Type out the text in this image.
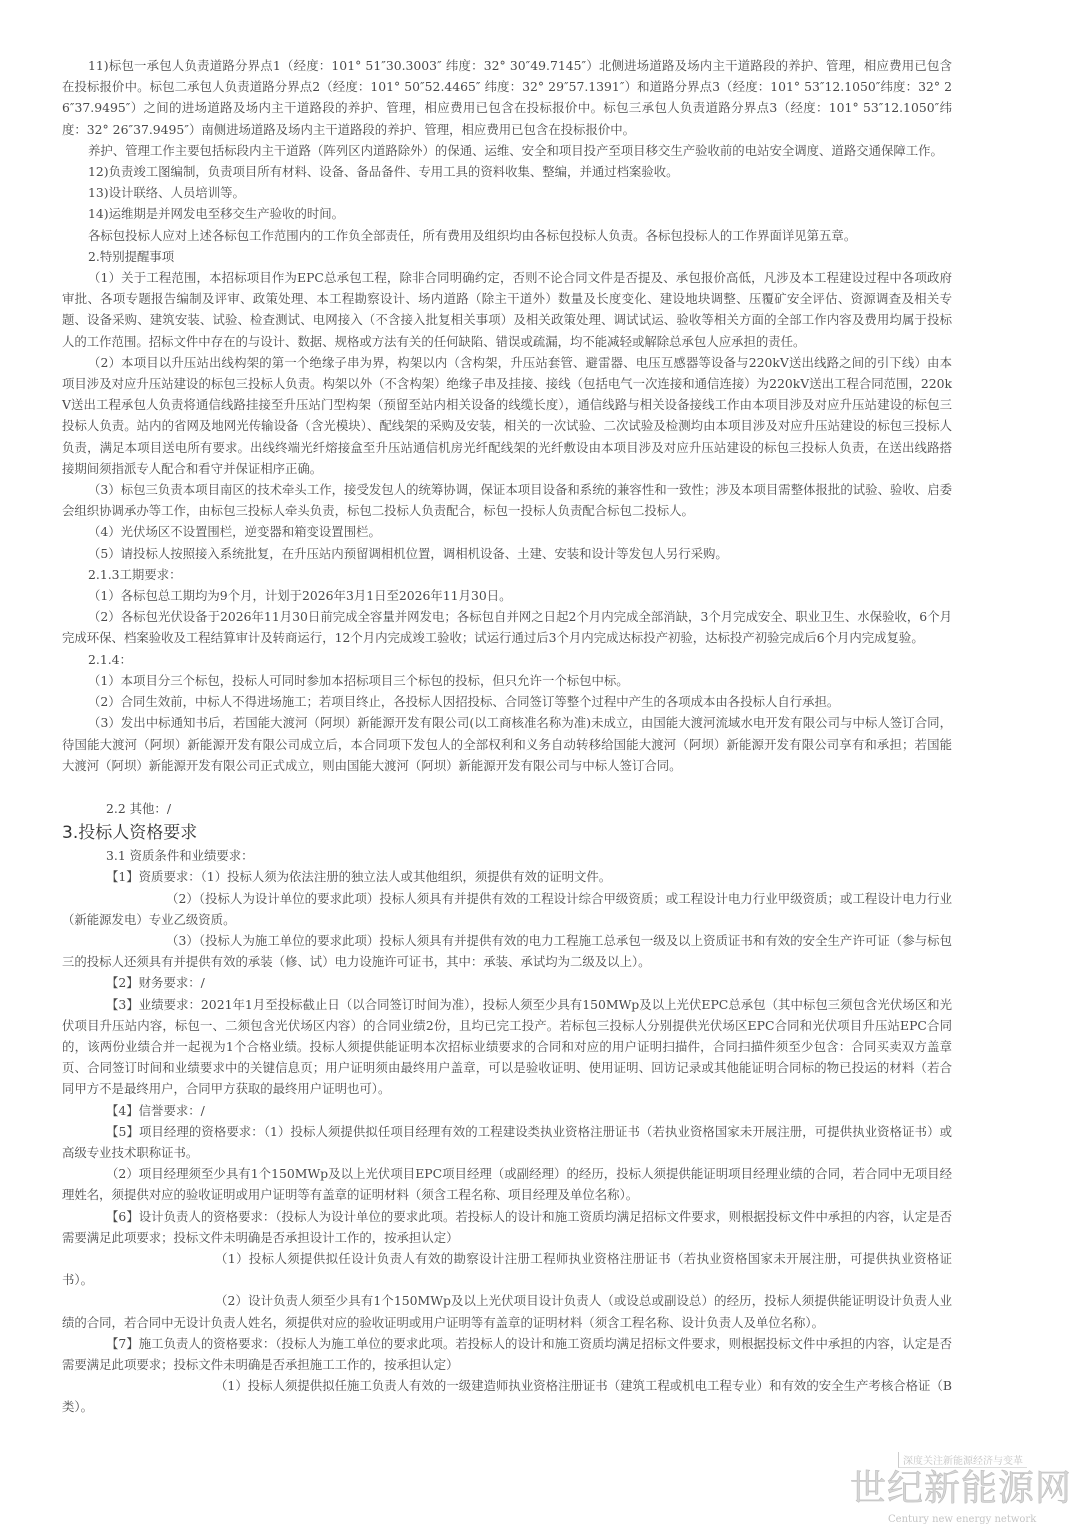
11)标包一承包人负责道路分界点1（经度：101° 51″30.3003″ 纬度：32° 30″49.7145″）北侧进场道路及场内主干道路段的养护、管理，相应费用已包含在投标报价中。标包二承包人负责道路分界点2（经度：101° 50″52.4465″ 纬度：32° 29″57.1391″）和道路分界点3（经度：101° 53″12.1050″纬度：32° 26″37.9495″）之间的进场道路及场内主干道路段的养护、管理，相应费用已包含在投标报价中。标包三承包人负责道路分界点3（经度：101° 53″12.1050″纬度：32° 26″37.9495″）南侧进场道路及场内主干道路段的养护、管理，相应费用已包含在投标报价中。

养护、管理工作主要包括标段内主干道路（阵列区内道路除外）的保通、运维、安全和项目投产至项目移交生产验收前的电站安全调度、道路交通保障工作。

12)负责竣工图编制，负责项目所有材料、设备、备品备件、专用工具的资料收集、整编，并通过档案验收。

13)设计联络、人员培训等。

14)运维期是并网发电至移交生产验收的时间。

各标包投标人应对上述各标包工作范围内的工作负全部责任，所有费用及组织均由各标包投标人负责。各标包投标人的工作界面详见第五章。

2.特别提醒事项

（1）关于工程范围，本招标项目作为EPC总承包工程，除非合同明确约定，否则不论合同文件是否提及、承包报价高低，凡涉及本工程建设过程中各项政府审批、各项专题报告编制及评审、政策处理、本工程勘察设计、场内道路（除主干道外）数量及长度变化、建设地块调整、压覆矿安全评估、资源调查及相关专题、设备采购、建筑安装、试验、检查测试、电网接入（不含接入批复相关事项）及相关政策处理、调试试运、验收等相关方面的全部工作内容及费用均属于投标人的工作范围。招标文件中存在的与设计、数据、规格或方法有关的任何缺陷、错误或疏漏，均不能减轻或解除总承包人应承担的责任。

（2）本项目以升压站出线构架的第一个绝缘子串为界，构架以内（含构架，升压站套管、避雷器、电压互感器等设备与220kV送出线路之间的引下线）由本项目涉及对应升压站建设的标包三投标人负责。构架以外（不含构架）绝缘子串及挂接、接线（包括电气一次连接和通信连接）为220kV送出工程合同范围，220kV送出工程承包人负责将通信线路挂接至升压站门型构架（预留至站内相关设备的线缆长度），通信线路与相关设备接线工作由本项目涉及对应升压站建设的标包三投标人负责。站内的省网及地网光传输设备（含光模块）、配线架的采购及安装，相关的一次试验、二次试验及检测均由本项目涉及对应升压站建设的标包三投标人负责，满足本项目送电所有要求。出线终端光纤熔接盒至升压站通信机房光纤配线架的光纤敷设由本项目涉及对应升压站建设的标包三投标人负责，在送出线路搭接期间须指派专人配合和看守并保证相序正确。

（3）标包三负责本项目南区的技术牵头工作，接受发包人的统筹协调，保证本项目设备和系统的兼容性和一致性；涉及本项目需整体报批的试验、验收、启委会组织协调承办等工作，由标包三投标人牵头负责，标包二投标人负责配合，标包一投标人负责配合标包二投标人。

（4）光伏场区不设置围栏，逆变器和箱变设置围栏。

（5）请投标人按照接入系统批复，在升压站内预留调相机位置，调相机设备、土建、安装和设计等发包人另行采购。

2.1.3工期要求：

（1）各标包总工期均为9个月，计划于2026年3月1日至2026年11月30日。

（2）各标包光伏设备于2026年11月30日前完成全容量并网发电；各标包自并网之日起2个月内完成全部消缺，3个月完成安全、职业卫生、水保验收，6个月完成环保、档案验收及工程结算审计及转商运行，12个月内完成竣工验收；试运行通过后3个月内完成达标投产初验，达标投产初验完成后6个月内完成复验。

2.1.4：

（1）本项目分三个标包，投标人可同时参加本招标项目三个标包的投标，但只允许一个标包中标。

（2）合同生效前，中标人不得进场施工；若项目终止，各投标人因招投标、合同签订等整个过程中产生的各项成本由各投标人自行承担。

（3）发出中标通知书后，若国能大渡河（阿坝）新能源开发有限公司(以工商核准名称为准)未成立，由国能大渡河流域水电开发有限公司与中标人签订合同，待国能大渡河（阿坝）新能源开发有限公司成立后，本合同项下发包人的全部权利和义务自动转移给国能大渡河（阿坝）新能源开发有限公司享有和承担；若国能大渡河（阿坝）新能源开发有限公司正式成立，则由国能大渡河（阿坝）新能源开发有限公司与中标人签订合同。

2.2 其他：/

3.投标人资格要求

3.1 资质条件和业绩要求：

【1】资质要求：（1）投标人须为依法注册的独立法人或其他组织，须提供有效的证明文件。

（2）（投标人为设计单位的要求此项）投标人须具有并提供有效的工程设计综合甲级资质；或工程设计电力行业甲级资质；或工程设计电力行业（新能源发电）专业乙级资质。

（3）（投标人为施工单位的要求此项）投标人须具有并提供有效的电力工程施工总承包一级及以上资质证书和有效的安全生产许可证（参与标包三的投标人还须具有并提供有效的承装（修、试）电力设施许可证书，其中：承装、承试均为二级及以上）。

【2】财务要求：/

【3】业绩要求：2021年1月至投标截止日（以合同签订时间为准），投标人须至少具有150MWp及以上光伏EPC总承包（其中标包三须包含光伏场区和光伏项目升压站内容，标包一、二须包含光伏场区内容）的合同业绩2份，且均已完工投产。若标包三投标人分别提供光伏场区EPC合同和光伏项目升压站EPC合同的，该两份业绩合并一起视为1个合格业绩。投标人须提供能证明本次招标业绩要求的合同和对应的用户证明扫描件，合同扫描件须至少包含：合同买卖双方盖章页、合同签订时间和业绩要求中的关键信息页；用户证明须由最终用户盖章，可以是验收证明、使用证明、回访记录或其他能证明合同标的物已投运的材料（若合同甲方不是最终用户，合同甲方获取的最终用户证明也可）。

【4】信誉要求：/

【5】项目经理的资格要求：（1）投标人须提供拟任项目经理有效的工程建设类执业资格注册证书（若执业资格国家未开展注册，可提供执业资格证书）或高级专业技术职称证书。

（2）项目经理须至少具有1个150MWp及以上光伏项目EPC项目经理（或副经理）的经历，投标人须提供能证明项目经理业绩的合同，若合同中无项目经理姓名，须提供对应的验收证明或用户证明等有盖章的证明材料（须含工程名称、项目经理及单位名称）。

【6】设计负责人的资格要求：（投标人为设计单位的要求此项。若投标人的设计和施工资质均满足招标文件要求，则根据投标文件中承担的内容，认定是否需要满足此项要求；投标文件未明确是否承担设计工作的，按承担认定）

（1）投标人须提供拟任设计负责人有效的勘察设计注册工程师执业资格注册证书（若执业资格国家未开展注册，可提供执业资格证书）。

（2）设计负责人须至少具有1个150MWp及以上光伏项目设计负责人（或设总或副设总）的经历，投标人须提供能证明设计负责人业绩的合同，若合同中无设计负责人姓名，须提供对应的验收证明或用户证明等有盖章的证明材料（须含工程名称、设计负责人及单位名称）。

【7】施工负责人的资格要求：（投标人为施工单位的要求此项。若投标人的设计和施工资质均满足招标文件要求，则根据投标文件中承担的内容，认定是否需要满足此项要求；投标文件未明确是否承担施工工作的，按承担认定）

（1）投标人须提供拟任施工负责人有效的一级建造师执业资格注册证书（建筑工程或机电工程专业）和有效的安全生产考核合格证（B类）。

深度关注新能源经济与变革
世纪新能源网
Century new energy network
